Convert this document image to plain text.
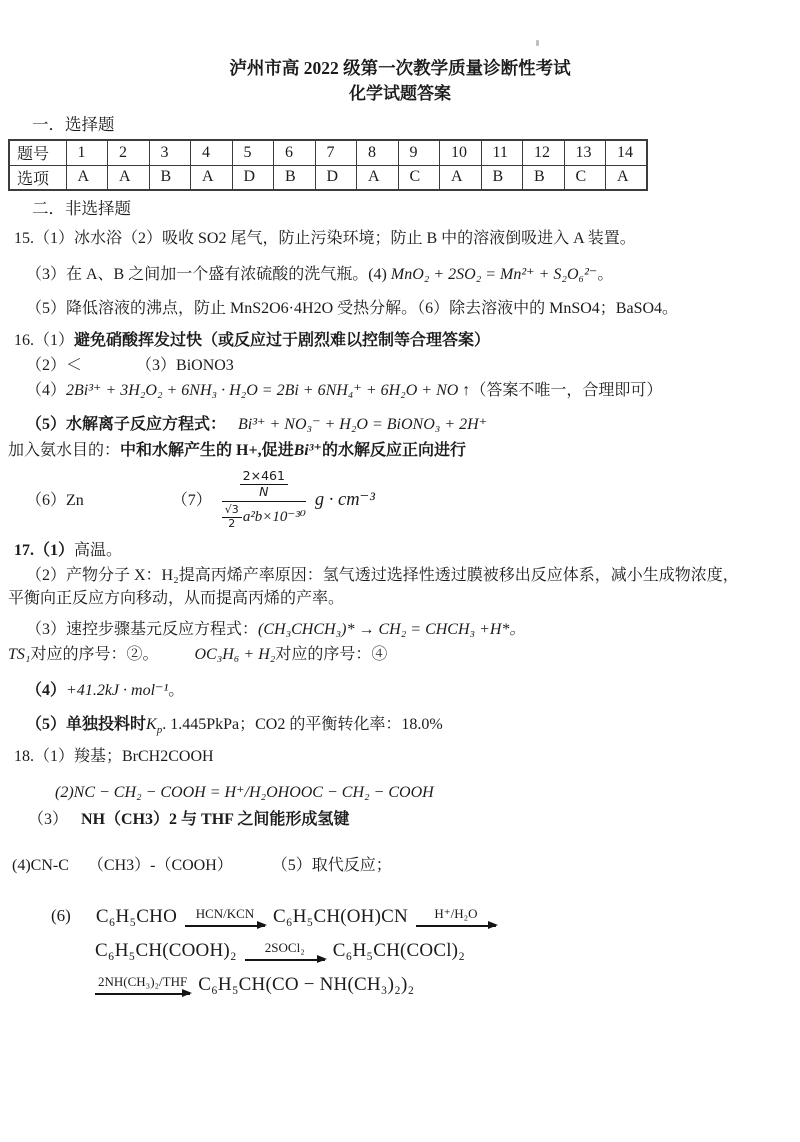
泸州市高 2022 级第一次教学质量诊断性考试
化学试题答案
一．选择题
题号	1	2	3	4	5	6	7	8	9	10	11	12	13	14
选项	A	A	B	A	D	B	D	A	C	A	B	B	C	A
二．非选择题
15.（1）冰水浴（2）吸收 SO2 尾气，防止污染环境；防止 B 中的溶液倒吸进入 A 装置。
（3）在 A、B 之间加一个盛有浓硫酸的洗气瓶。(4) MnO₂ + 2SO₂ = Mn²⁺ + S₂O₆²⁻。
（5）降低溶液的沸点，防止 MnS2O6·4H2O 受热分解。（6）除去溶液中的 MnSO4；BaSO4。
16.（1）避免硝酸挥发过快（或反应过于剧烈难以控制等合理答案）
（2）＜	（3）BiONO3
（4）2Bi³⁺ + 3H₂O₂ + 6NH₃ · H₂O = 2Bi + 6NH₄⁺ + 6H₂O + NO ↑（答案不唯一，合理即可）
（5）水解离子反应方程式： Bi³⁺ + NO₃⁻ + H₂O = BiONO₃ + 2H⁺
加入氨水目的：中和水解产生的 H+,促进Bi³⁺的水解反应正向进行
（6）Zn	（7） 2×461
N
√3
2 a²b×10⁻³⁰ g · cm⁻³
17.（1）高温。
（2）产物分子 X：H₂提高丙烯产率原因：氢气透过选择性透过膜被移出反应体系，减小生成物浓度，
平衡向正反应方向移动，从而提高丙烯的产率。
（3）速控步骤基元反应方程式：(CH₃CHCH₃)* → CH₂ = CHCH₃ +H*。
TS₁对应的序号：②。 OC₃H₆ + H₂对应的序号：④
（4）+41.2kJ · mol⁻¹。
（5）单独投料时$K_p$. 1.445PkPa；CO2 的平衡转化率：18.0%
18.（1）羧基；BrCH2COOH
(2)NC − CH₂ − COOH = H⁺/H₂OHOOC − CH₂ − COOH
（3） NH（CH3）2 与 THF 之间能形成氢键
(4)CN-C （CH3）-（COOH）	（5）取代反应；
(6) C₆H₅CHO HCN/KCN C₆H₅CH(OH)CN H⁺/H₂O
C₆H₅CH(COOH)₂ 2SOCl₂ C₆H₅CH(COCl)₂
2NH(CH₃)₂/THF C₆H₅CH(CO − NH(CH₃)₂)₂
